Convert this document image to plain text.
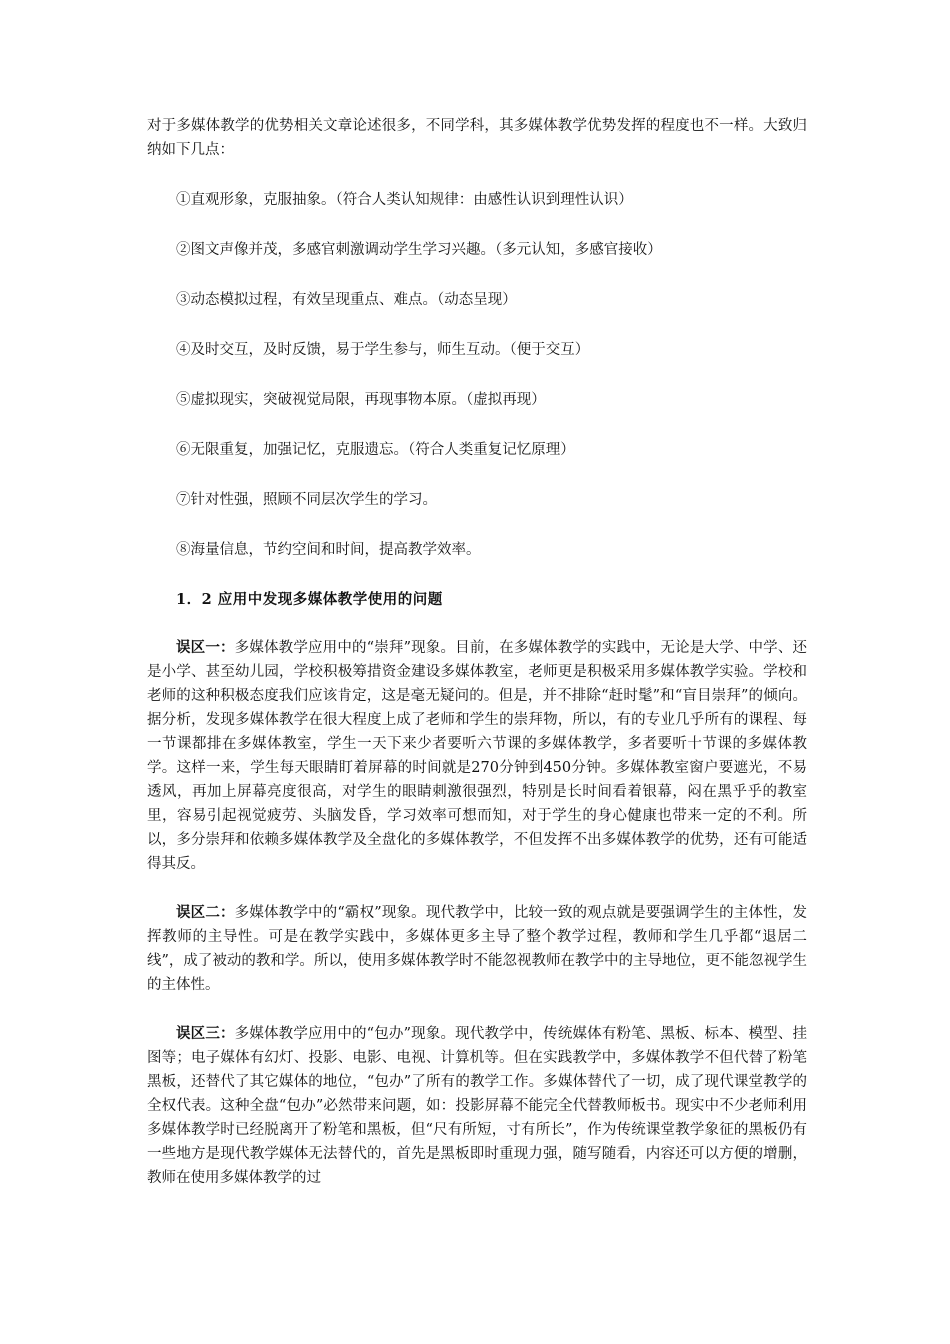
对于多媒体教学的优势相关文章论述很多，不同学科，其多媒体教学优势发挥的程度也不一样。大致归纳如下几点：

①直观形象，克服抽象。（符合人类认知规律：由感性认识到理性认识）

②图文声像并茂，多感官刺激调动学生学习兴趣。（多元认知，多感官接收）

③动态模拟过程，有效呈现重点、难点。（动态呈现）

④及时交互，及时反馈，易于学生参与，师生互动。（便于交互）

⑤虚拟现实，突破视觉局限，再现事物本原。（虚拟再现）

⑥无限重复，加强记忆，克服遗忘。（符合人类重复记忆原理）

⑦针对性强，照顾不同层次学生的学习。

⑧海量信息，节约空间和时间，提高教学效率。

1．2 应用中发现多媒体教学使用的问题

误区一：多媒体教学应用中的“崇拜”现象。目前，在多媒体教学的实践中，无论是大学、中学、还是小学、甚至幼儿园，学校积极筹措资金建设多媒体教室，老师更是积极采用多媒体教学实验。学校和老师的这种积极态度我们应该肯定，这是毫无疑问的。但是，并不排除“赶时髦”和“盲目崇拜”的倾向。据分析，发现多媒体教学在很大程度上成了老师和学生的崇拜物，所以，有的专业几乎所有的课程、每一节课都排在多媒体教室，学生一天下来少者要听六节课的多媒体教学，多者要听十节课的多媒体教学。这样一来，学生每天眼睛盯着屏幕的时间就是270分钟到450分钟。多媒体教室窗户要遮光，不易透风，再加上屏幕亮度很高，对学生的眼睛刺激很强烈，特别是长时间看着银幕，闷在黑乎乎的教室里，容易引起视觉疲劳、头脑发昏，学习效率可想而知，对于学生的身心健康也带来一定的不利。所以，多分崇拜和依赖多媒体教学及全盘化的多媒体教学，不但发挥不出多媒体教学的优势，还有可能适得其反。

误区二：多媒体教学中的“霸权”现象。现代教学中，比较一致的观点就是要强调学生的主体性，发挥教师的主导性。可是在教学实践中，多媒体更多主导了整个教学过程，教师和学生几乎都“退居二线”，成了被动的教和学。所以，使用多媒体教学时不能忽视教师在教学中的主导地位，更不能忽视学生的主体性。

误区三：多媒体教学应用中的“包办”现象。现代教学中，传统媒体有粉笔、黑板、标本、模型、挂图等；电子媒体有幻灯、投影、电影、电视、计算机等。但在实践教学中，多媒体教学不但代替了粉笔黑板，还替代了其它媒体的地位，“包办”了所有的教学工作。多媒体替代了一切，成了现代课堂教学的全权代表。这种全盘“包办”必然带来问题，如：投影屏幕不能完全代替教师板书。现实中不少老师利用多媒体教学时已经脱离开了粉笔和黑板，但“尺有所短，寸有所长”，作为传统课堂教学象征的黑板仍有一些地方是现代教学媒体无法替代的，首先是黑板即时重现力强，随写随看，内容还可以方便的增删，教师在使用多媒体教学的过
